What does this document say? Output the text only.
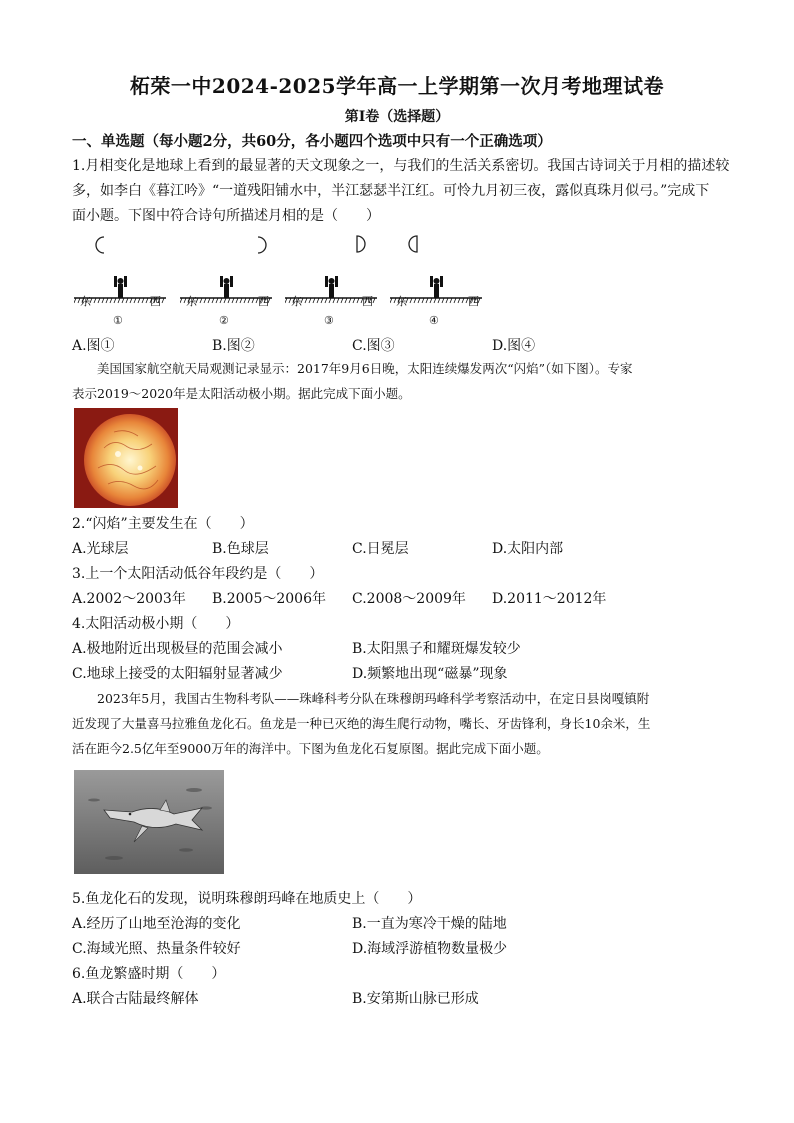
柘荣一中2024-2025学年高一上学期第一次月考地理试卷
第Ⅰ卷（选择题）
一、单选题（每小题2分，共60分，各小题四个选项中只有一个正确选项）
1.月相变化是地球上看到的最显著的天文现象之一，与我们的生活关系密切。我国古诗词关于月相的描述较
多，如李白《暮江吟》“一道残阳铺水中，半江瑟瑟半江红。可怜九月初三夜，露似真珠月似弓。”完成下
面小题。下图中符合诗句所描述月相的是（　　）
东	西
①
东	西
②
东	西
③
东	西
④
A.图①	B.图②	C.图③	D.图④
美国国家航空航天局观测记录显示：2017年9月6日晚，太阳连续爆发两次“闪焰”（如下图）。专家
表示2019～2020年是太阳活动极小期。据此完成下面小题。
2.“闪焰”主要发生在（　　）
A.光球层	B.色球层	C.日冕层	D.太阳内部
3.上一个太阳活动低谷年段约是（　　）
A.2002～2003年 B.2005～2006年 C.2008～2009年 D.2011～2012年
4.太阳活动极小期（　　）
A.极地附近出现极昼的范围会减小	B.太阳黑子和耀斑爆发较少
C.地球上接受的太阳辐射显著减少	D.频繁地出现“磁暴”现象
2023年5月，我国古生物科考队——珠峰科考分队在珠穆朗玛峰科学考察活动中，在定日县岗嘎镇附
近发现了大量喜马拉雅鱼龙化石。鱼龙是一种已灭绝的海生爬行动物，嘴长、牙齿锋利，身长10余米，生
活在距今2.5亿年至9000万年的海洋中。下图为鱼龙化石复原图。据此完成下面小题。
5.鱼龙化石的发现，说明珠穆朗玛峰在地质史上（　　）
A.经历了山地至沧海的变化	B.一直为寒冷干燥的陆地
C.海域光照、热量条件较好	D.海域浮游植物数量极少
6.鱼龙繁盛时期（　　）
A.联合古陆最终解体	B.安第斯山脉已形成
